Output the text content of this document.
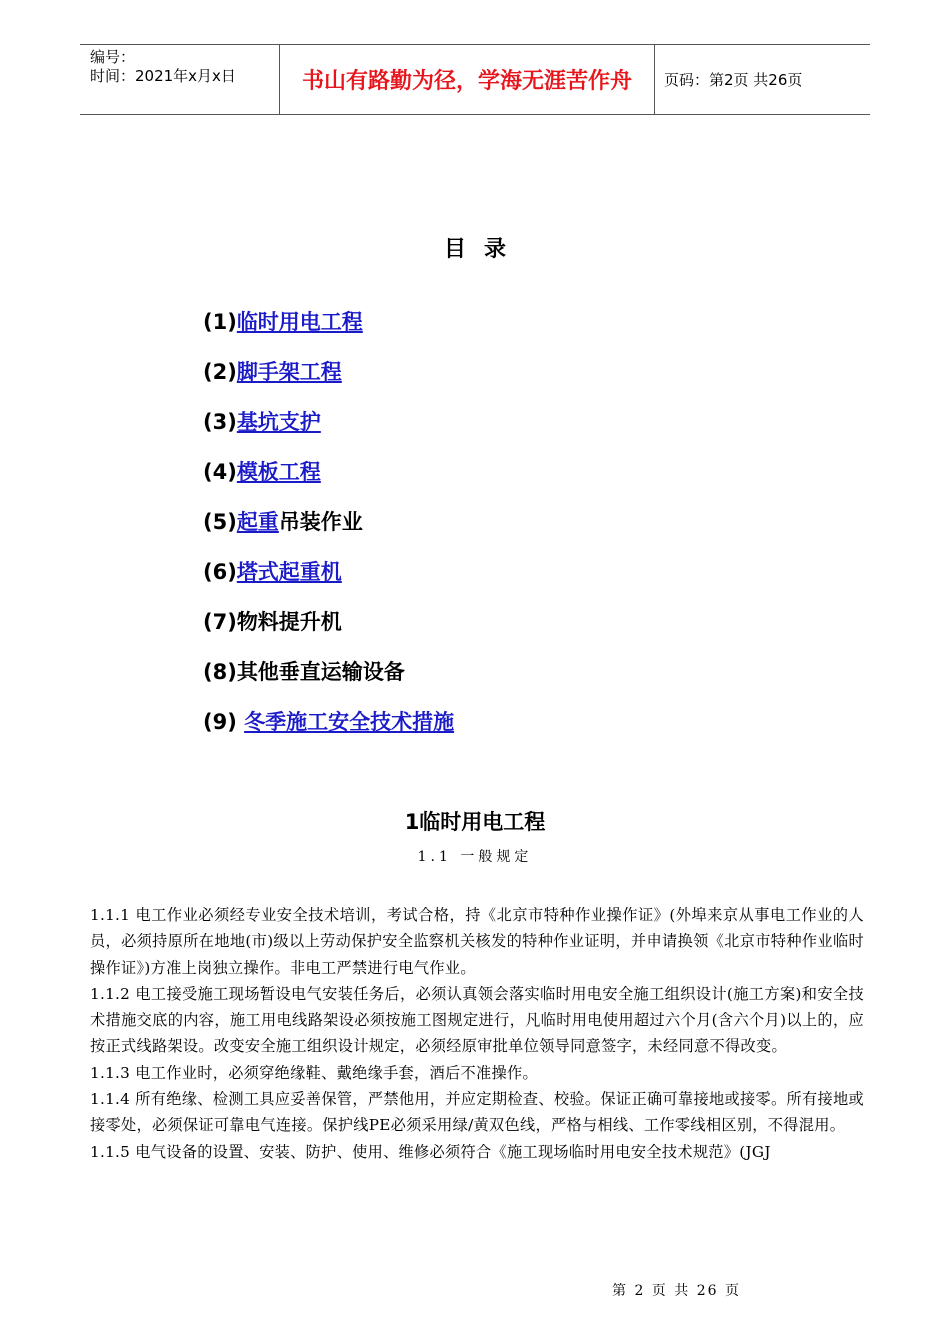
编号：
时间：2021年x月x日	书山有路勤为径，学海无涯苦作舟	页码：第2页 共26页
目录
(1)临时用电工程
(2)脚手架工程
(3)基坑支护
(4)模板工程
(5)起重吊装作业
(6)塔式起重机
(7)物料提升机
(8)其他垂直运输设备
(9) 冬季施工安全技术措施
1临时用电工程
1.1 一般规定

1.1.1 电工作业必须经专业安全技术培训，考试合格，持《北京市特种作业操作证》(外埠来京从事电工作业的人员，必须持原所在地地(市)级以上劳动保护安全监察机关核发的特种作业证明，并申请换领《北京市特种作业临时操作证》)方准上岗独立操作。非电工严禁进行电气作业。

1.1.2 电工接受施工现场暂设电气安装任务后，必须认真领会落实临时用电安全施工组织设计(施工方案)和安全技术措施交底的内容，施工用电线路架设必须按施工图规定进行，凡临时用电使用超过六个月(含六个月)以上的，应按正式线路架设。改变安全施工组织设计规定，必须经原审批单位领导同意签字，未经同意不得改变。

1.1.3 电工作业时，必须穿绝缘鞋、戴绝缘手套，酒后不准操作。

1.1.4 所有绝缘、检测工具应妥善保管，严禁他用，并应定期检查、校验。保证正确可靠接地或接零。所有接地或接零处，必须保证可靠电气连接。保护线PE必须采用绿/黄双色线，严格与相线、工作零线相区别，不得混用。

1.1.5 电气设备的设置、安装、防护、使用、维修必须符合《施工现场临时用电安全技术规范》(JGJ

第 2 页 共 26 页
